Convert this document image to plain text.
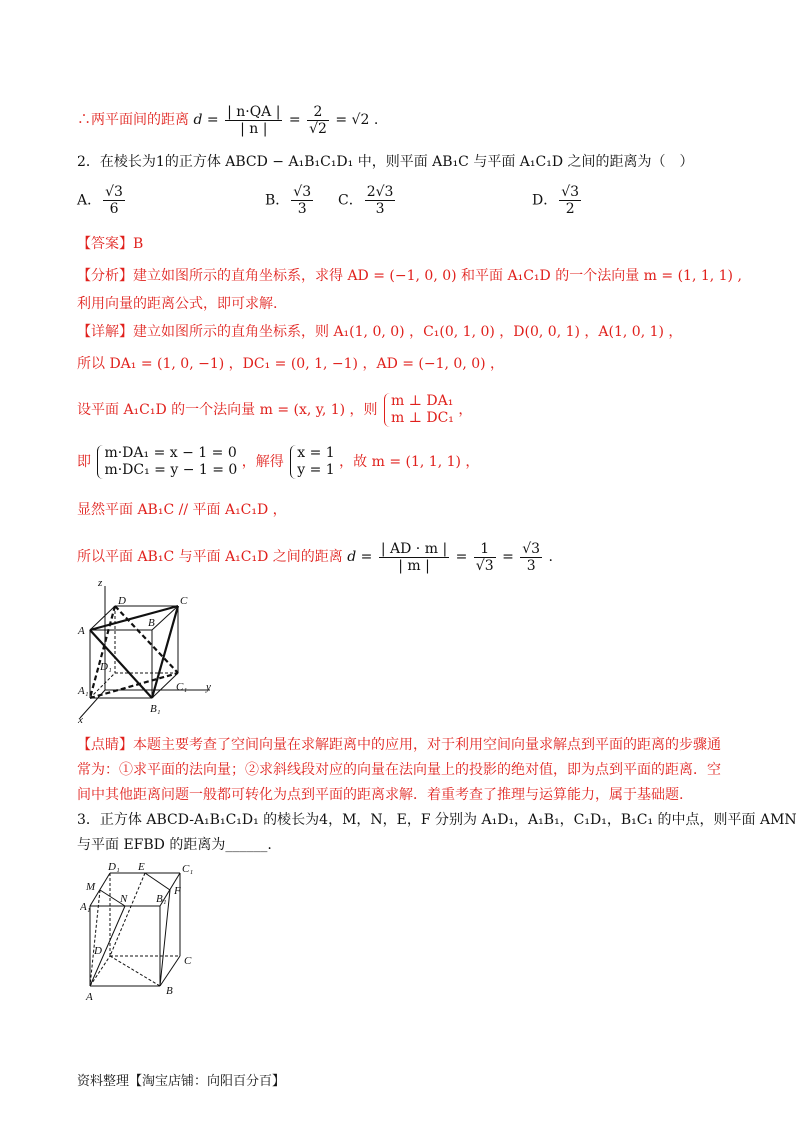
∴两平面间的距离 $d = \frac{| n\cdot QA |}{| n |} = \frac{2}{√2} = √2$ .
2．在棱长为1的正方体 ABCD − A₁B₁C₁D₁ 中，则平面 AB₁C 与平面 A₁C₁D 之间的距离为（　）
A． $\frac{√3}{6}$	B． $\frac{√3}{3}$ C． $\frac{2√3}{3}$	D． $\frac{√3}{2}$
【答案】B
【分析】建立如图所示的直角坐标系，求得 AD = (−1, 0, 0) 和平面 A₁C₁D 的一个法向量 m = (1, 1, 1) ,
利用向量的距离公式，即可求解.
【详解】建立如图所示的直角坐标系，则 A₁(1, 0, 0) ，C₁(0, 1, 0) ，D(0, 0, 1) ，A(1, 0, 1) ，
所以 DA₁ = (1, 0, −1) ，DC₁ = (0, 1, −1) ，AD = (−1, 0, 0) ，
设平面 A₁C₁D 的一个法向量 m = (x, y, 1) ，则
m ⊥ DA₁
m ⊥ DC₁ ，
即
m·DA₁ = x − 1 = 0
m·DC₁ = y − 1 = 0 ，解得
x = 1
y = 1 ，故 m = (1, 1, 1) ，
显然平面 AB₁C // 平面 A₁C₁D ，
所以平面 AB₁C 与平面 A₁C₁D 之间的距离 $d = \frac{| AD \cdot m |}{| m |} = \frac{1}{√3} = \frac{√3}{3}$ .
z
D	C
A
B
D₁
A₁	C₁ y
B₁
x
【点睛】本题主要考查了空间向量在求解距离中的应用，对于利用空间向量求解点到平面的距离的步骤通
常为：①求平面的法向量；②求斜线段对应的向量在法向量上的投影的绝对值，即为点到平面的距离．空
间中其他距离问题一般都可转化为点到平面的距离求解．着重考查了推理与运算能力，属于基础题.
3．正方体 ABCD-A₁B₁C₁D₁ 的棱长为4，M，N，E，F 分别为 A₁D₁，A₁B₁，C₁D₁，B₁C₁ 的中点，则平面 AMN
与平面 EFBD 的距离为______.
D₁ E	C₁
M
N	B₁
F
A₁
D
C
A	B
资料整理【淘宝店铺：向阳百分百】
